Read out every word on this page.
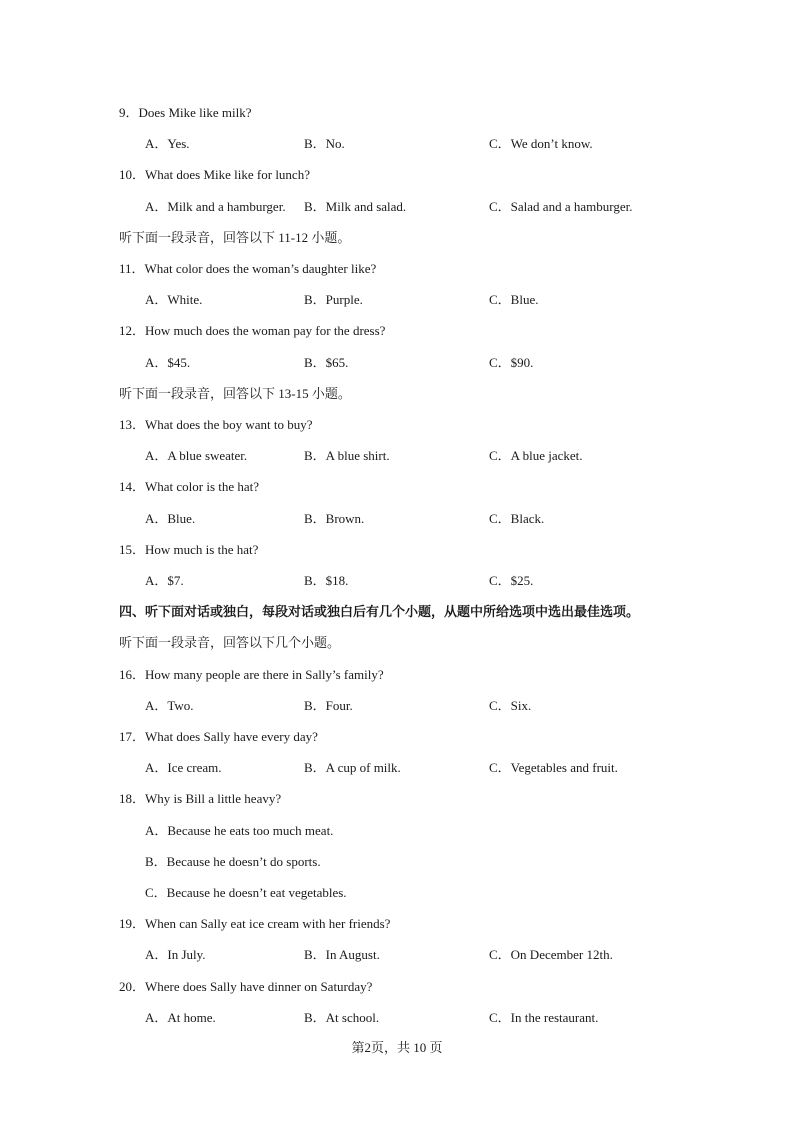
9．Does Mike like milk?
A．Yes.	B．No.	C．We don’t know.
10．What does Mike like for lunch?
A．Milk and a hamburger. B．Milk and salad.	C．Salad and a hamburger.
听下面一段录音，回答以下 11-12 小题。
11．What color does the woman’s daughter like?
A．White.	B．Purple.	C．Blue.
12．How much does the woman pay for the dress?
A．$45.	B．$65.	C．$90.
听下面一段录音，回答以下 13-15 小题。
13．What does the boy want to buy?
A．A blue sweater.	B．A blue shirt.	C．A blue jacket.
14．What color is the hat?
A．Blue.	B．Brown.	C．Black.
15．How much is the hat?
A．$7.	B．$18.	C．$25.
四、听下面对话或独白，每段对话或独白后有几个小题，从题中所给选项中选出最佳选项。
听下面一段录音，回答以下几个小题。
16．How many people are there in Sally’s family?
A．Two.	B．Four.	C．Six.
17．What does Sally have every day?
A．Ice cream.	B．A cup of milk.	C．Vegetables and fruit.
18．Why is Bill a little heavy?
A．Because he eats too much meat.
B．Because he doesn’t do sports.
C．Because he doesn’t eat vegetables.
19．When can Sally eat ice cream with her friends?
A．In July.	B．In August.	C．On December 12th.
20．Where does Sally have dinner on Saturday?
A．At home.	B．At school.	C．In the restaurant.
第2页，共 10 页
